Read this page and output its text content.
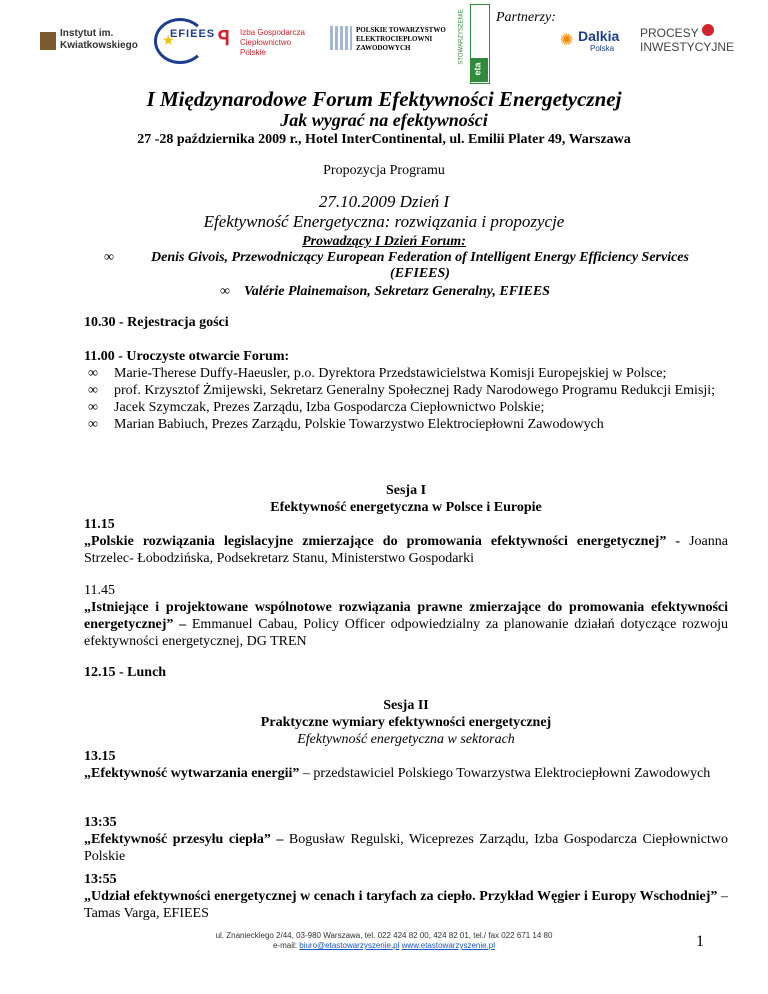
Instytut im. Kwiatkowskiego ★
EFIEES ꟼ Izba Gospodarcza
Ciepłownictwo Polskie
POLSKIE TOWARZYSTWO
ELEKTROCIEPŁOWNI
ZAWODOWYCH	STOWARZYSZENIE
eta
Partnerzy:
✺ Dalkia
Polska
PROCESY
INWESTYCYJNE
I Międzynarodowe Forum Efektywności Energetycznej
Jak wygrać na efektywności
27 -28 października 2009 r., Hotel InterContinental, ul. Emilii Plater 49, Warszawa
Propozycja Programu
27.10.2009 Dzień I
Efektywność Energetyczna: rozwiązania i propozycje
Prowadzący I Dzień Forum:
∞	Denis Givois, Przewodniczący European Federation of Intelligent Energy Efficiency Services (EFIEES)
∞ Valérie Plainemaison, Sekretarz Generalny, EFIEES
10.30 - Rejestracja gości
11.00 - Uroczyste otwarcie Forum:
∞ Marie-Therese Duffy-Haeusler, p.o. Dyrektora Przedstawicielstwa Komisji Europejskiej w Polsce;
∞ prof. Krzysztof Żmijewski, Sekretarz Generalny Społecznej Rady Narodowego Programu Redukcji Emisji;
∞ Jacek Szymczak, Prezes Zarządu, Izba Gospodarcza Ciepłownictwo Polskie;
∞ Marian Babiuch, Prezes Zarządu, Polskie Towarzystwo Elektrociepłowni Zawodowych
Sesja I
Efektywność energetyczna w Polsce i Europie
11.15
„Polskie rozwiązania legislacyjne zmierzające do promowania efektywności energetycznej” - Joanna Strzelec- Łobodzińska, Podsekretarz Stanu, Ministerstwo Gospodarki
11.45
„Istniejące i projektowane wspólnotowe rozwiązania prawne zmierzające do promowania efektywności energetycznej” – Emmanuel Cabau, Policy Officer odpowiedzialny za planowanie działań dotyczące rozwoju efektywności energetycznej, DG TREN
12.15 - Lunch
Sesja II
Praktyczne wymiary efektywności energetycznej
Efektywność energetyczna w sektorach
13.15
„Efektywność wytwarzania energii” – przedstawiciel Polskiego Towarzystwa Elektrociepłowni Zawodowych
13:35
„Efektywność przesyłu ciepła” – Bogusław Regulski, Wiceprezes Zarządu, Izba Gospodarcza Ciepłownictwo Polskie
13:55
„Udział efektywności energetycznej w cenach i taryfach za ciepło. Przykład Węgier i Europy Wschodniej” – Tamas Varga, EFIEES
ul. Znanieckiego 2/44, 03-980 Warszawa, tel. 022 424 82 00, 424 82 01, tel./ fax 022 671 14 80
e-mail: biuro@etastowarzyszenie.pl www.etastowarzyszenie.pl	1
